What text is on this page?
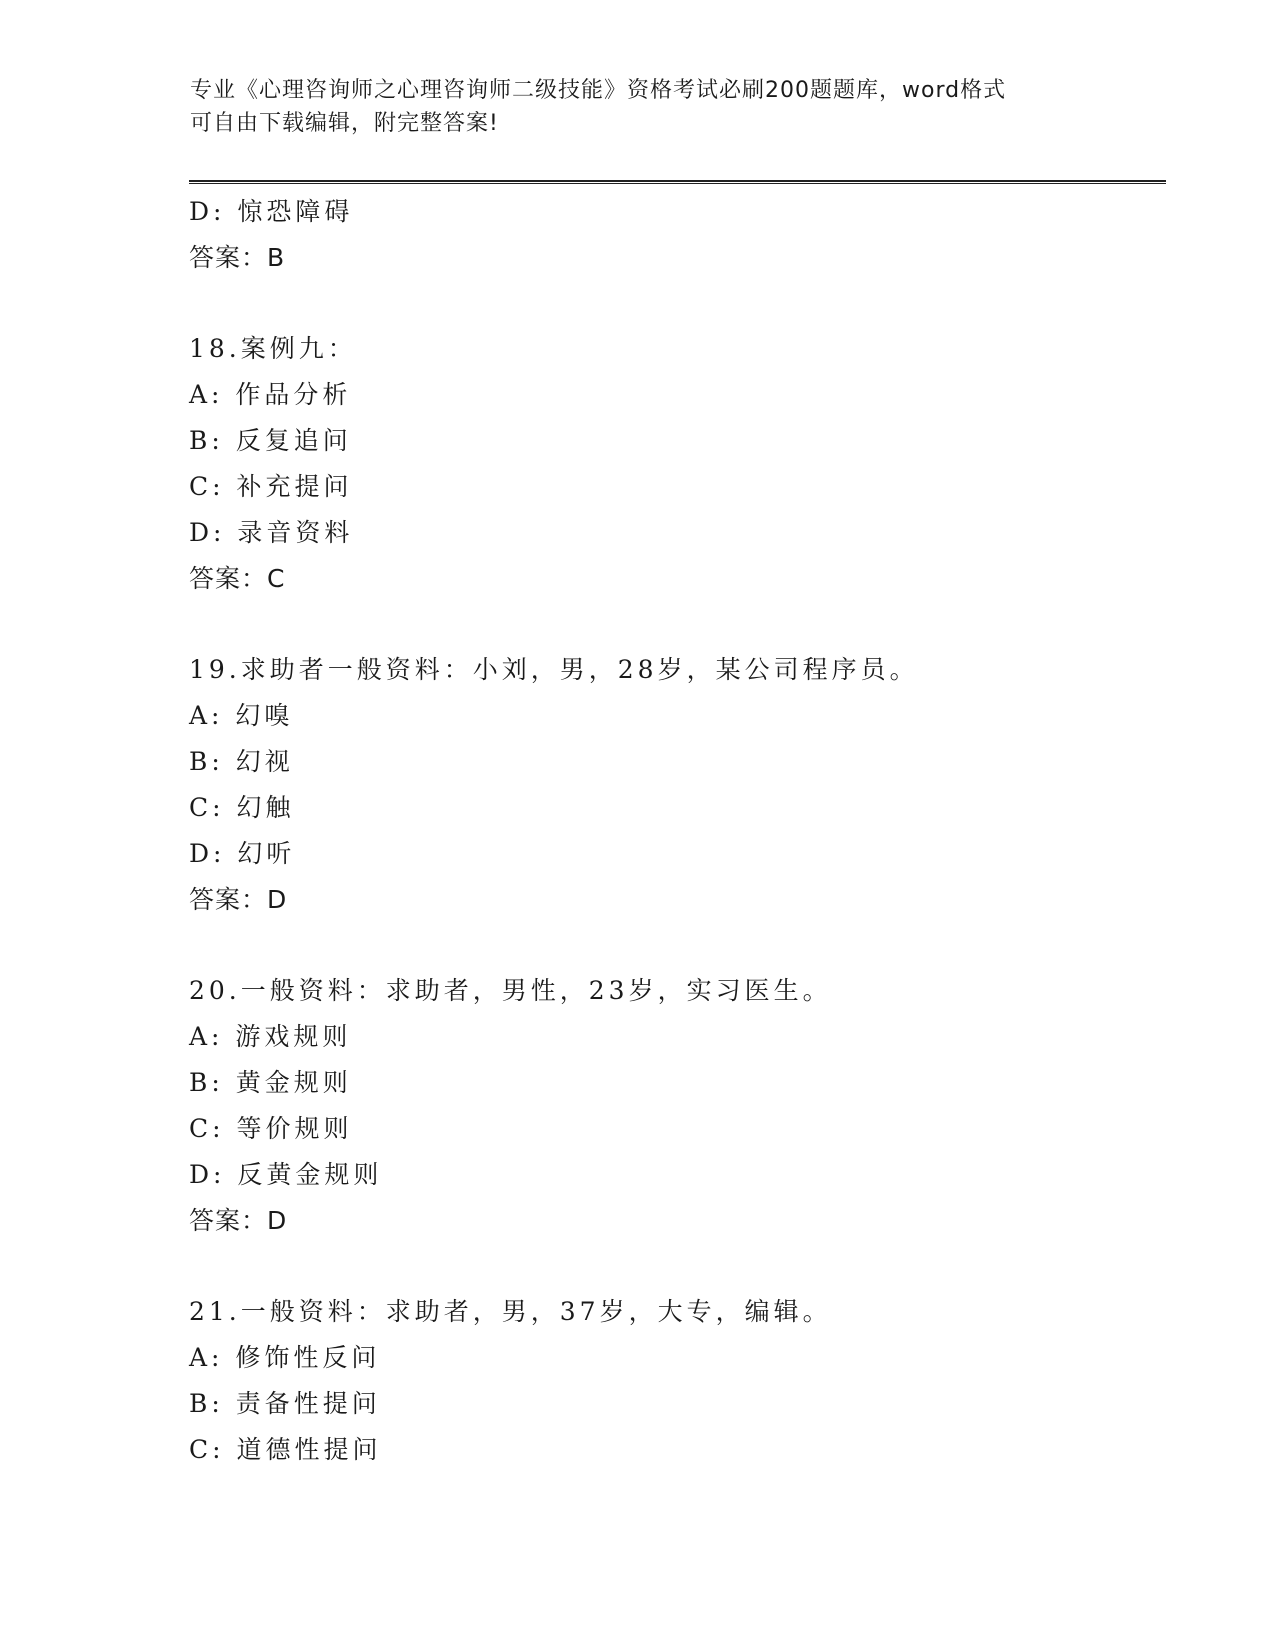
专业《心理咨询师之心理咨询师二级技能》资格考试必刷200题题库，word格式
可自由下载编辑，附完整答案!
D: 惊恐障碍
答案：B
18.案例九：
A: 作品分析
B: 反复追问
C: 补充提问
D: 录音资料
答案：C
19.求助者一般资料：小刘，男，28岁，某公司程序员。
A: 幻嗅
B: 幻视
C: 幻触
D: 幻听
答案：D
20.一般资料：求助者，男性，23岁，实习医生。
A: 游戏规则
B: 黄金规则
C: 等价规则
D: 反黄金规则
答案：D
21.一般资料：求助者，男，37岁，大专，编辑。
A: 修饰性反问
B: 责备性提问
C: 道德性提问
